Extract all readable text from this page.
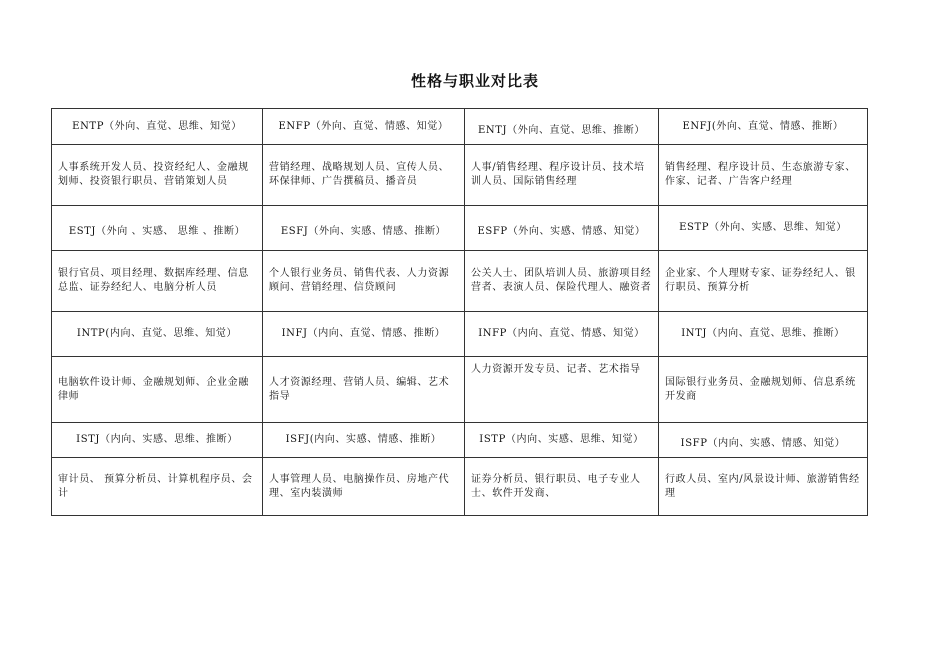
性格与职业对比表
ENTP（外向、直觉、思维、知觉）	ENFP（外向、直觉、情感、知觉）	ENTJ（外向、直觉、思维、推断）	ENFJ(外向、直觉、情感、推断）
人事系统开发人员、投资经纪人、金融规划师、投资银行职员、营销策划人员	营销经理、战略规划人员、宣传人员、环保律师、广告撰稿员、播音员	人事/销售经理、程序设计员、技术培训人员、国际销售经理	销售经理、程序设计员、生态旅游专家、作家、记者、广告客户经理
ESTJ（外向 、实感、 思维 、推断）	ESFJ（外向、实感、情感、推断）	ESFP（外向、实感、情感、知觉）	ESTP（外向、实感、思维、知觉）
银行官员、项目经理、数据库经理、信息总监、证券经纪人、电脑分析人员	个人银行业务员、销售代表、人力资源顾问、营销经理、信贷顾问	公关人士、团队培训人员、旅游项目经营者、表演人员、保险代理人、融资者	企业家、个人理财专家、证券经纪人、银行职员、预算分析
INTP(内向、直觉、思维、知觉）	INFJ（内向、直觉、情感、推断）	INFP（内向、直觉、情感、知觉）	INTJ（内向、直觉、思维、推断）
电脑软件设计师、金融规划师、企业金融律师	人才资源经理、营销人员、编辑、艺术指导	人力资源开发专员、记者、艺术指导	国际银行业务员、金融规划师、信息系统开发商
ISTJ（内向、实感、思维、推断）	ISFJ(内向、实感、情感、推断）	ISTP（内向、实感、思维、知觉）	ISFP（内向、实感、情感、知觉）
审计员、 预算分析员、计算机程序员、会计	人事管理人员、电脑操作员、房地产代理、室内装潢师	证券分析员、银行职员、电子专业人士、软件开发商、	行政人员、室内/风景设计师、旅游销售经理
